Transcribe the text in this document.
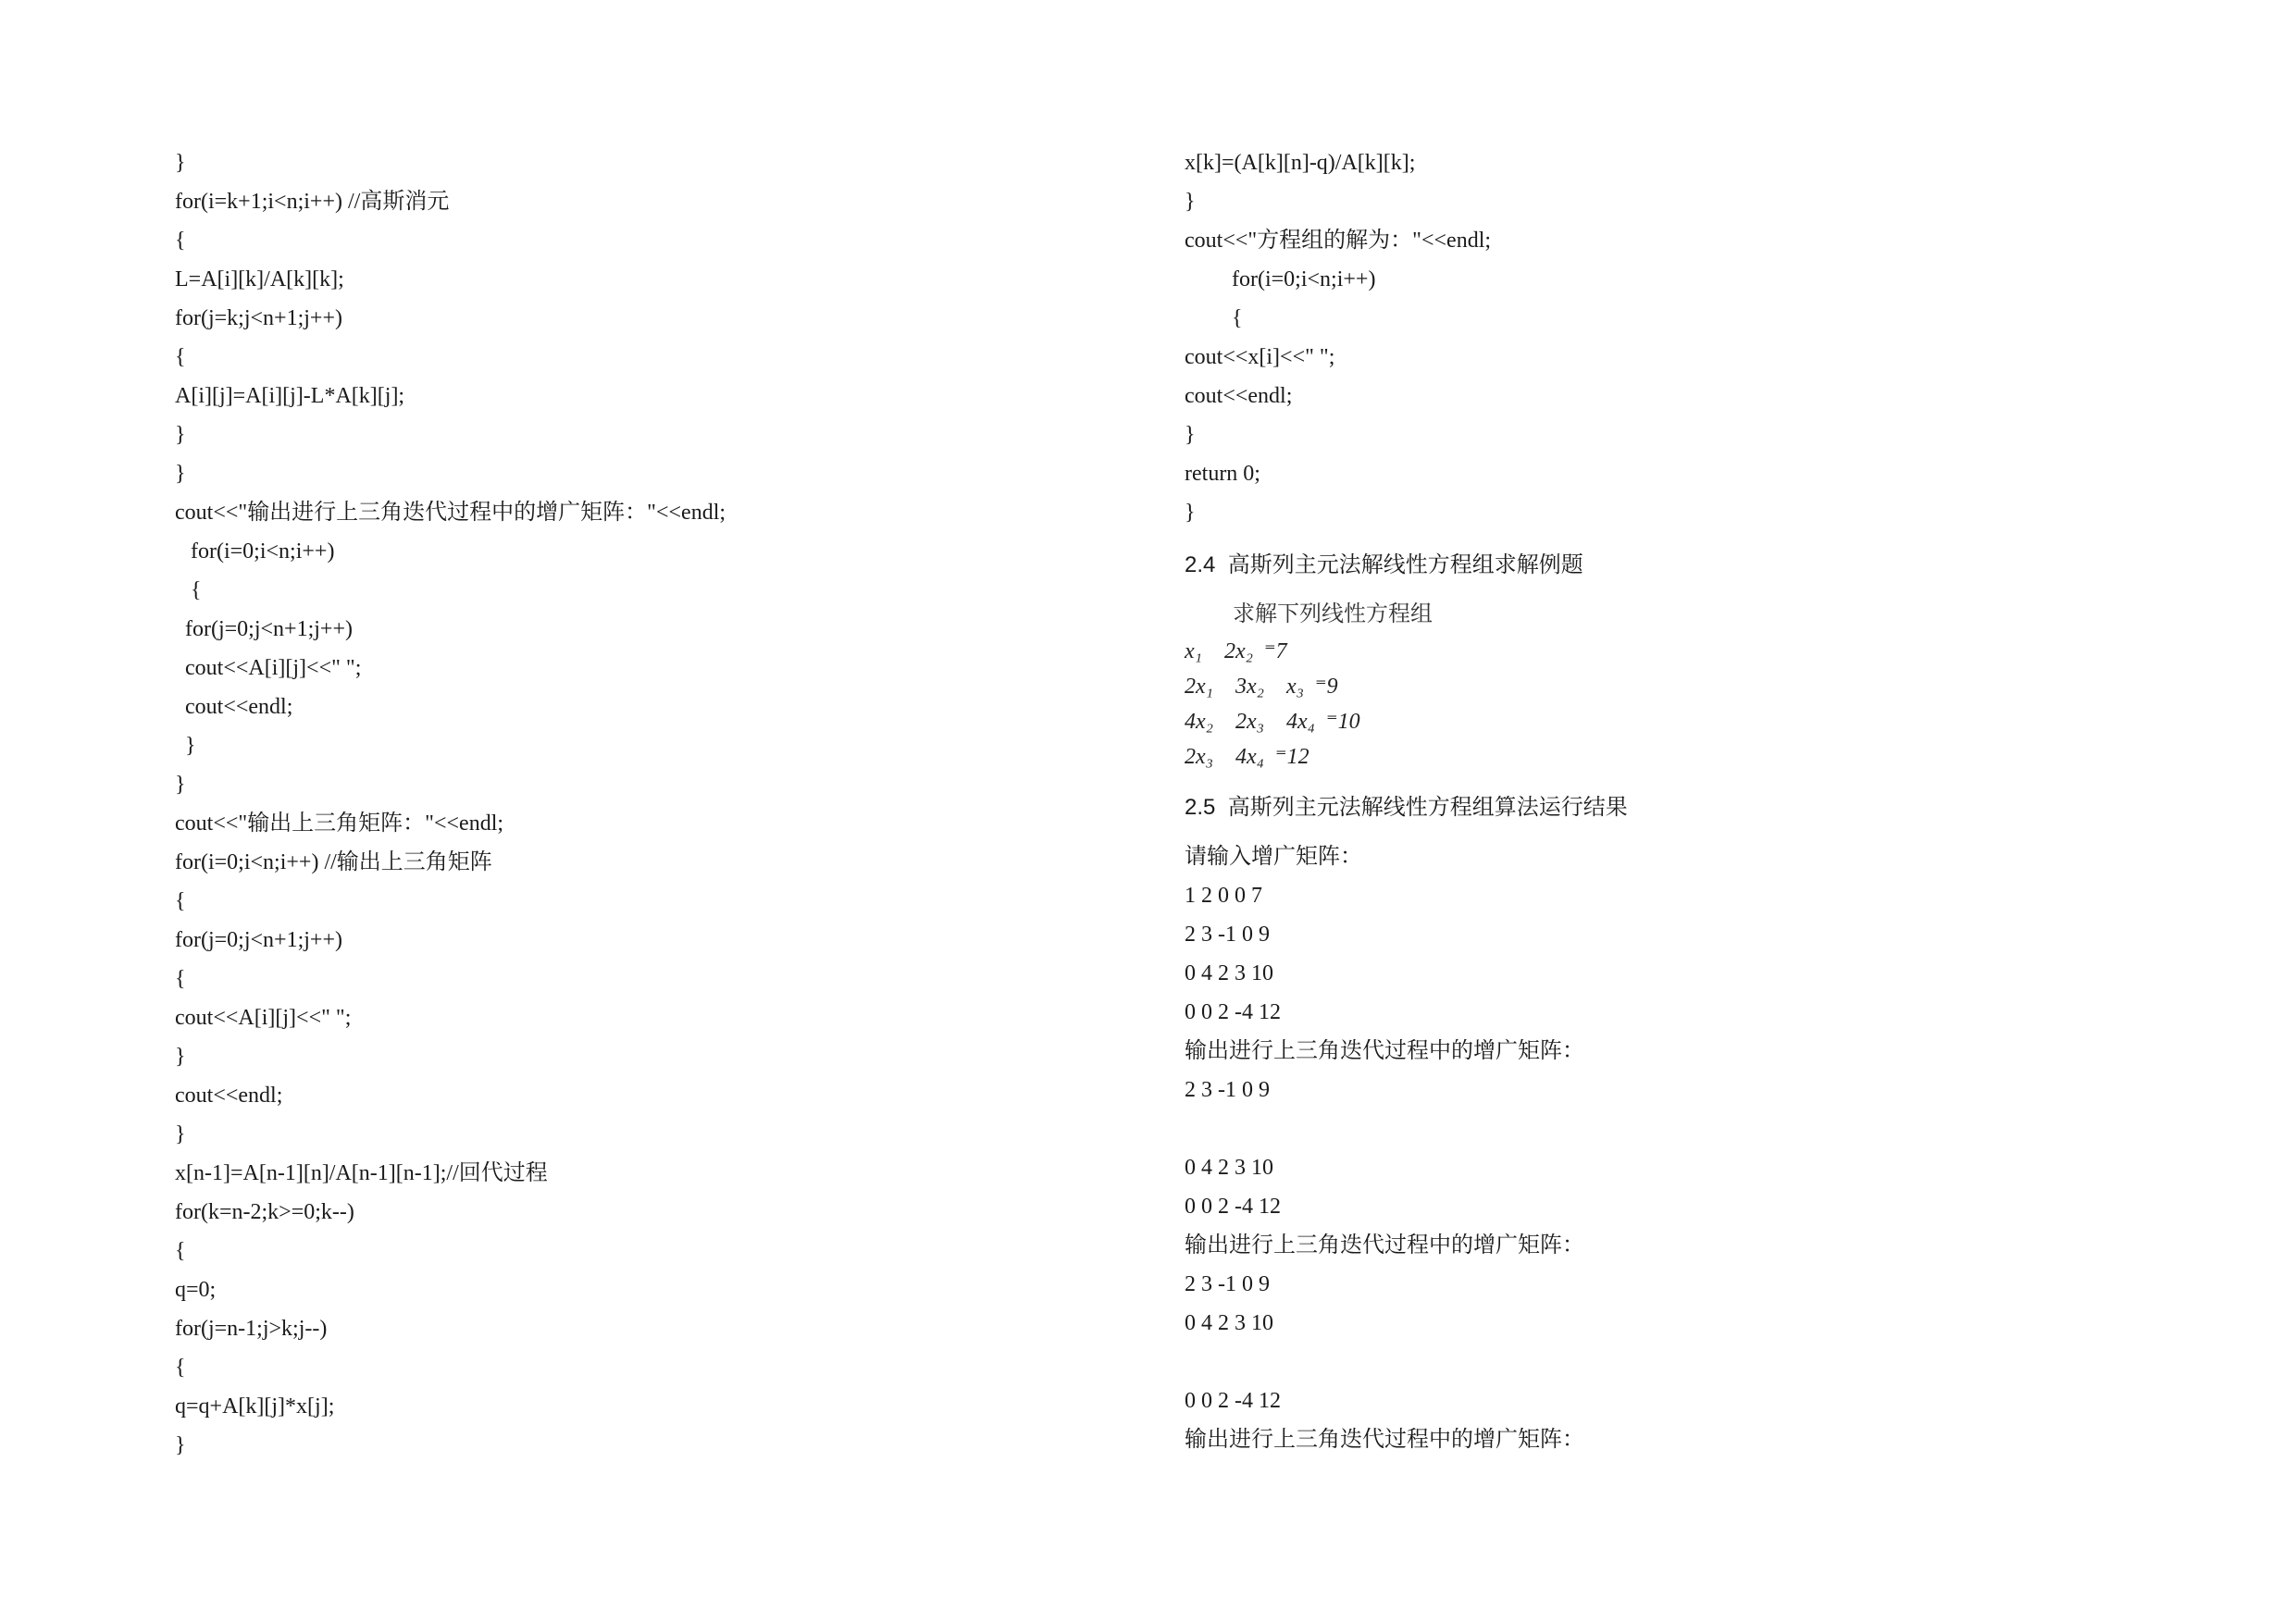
}
for(i=k+1;i<n;i++) //高斯消元
{
L=A[i][k]/A[k][k];
for(j=k;j<n+1;j++)
{
A[i][j]=A[i][j]-L*A[k][j];
}
}
cout<<"输出进行上三角迭代过程中的增广矩阵："<<endl;
for(i=0;i<n;i++)
{
for(j=0;j<n+1;j++)
cout<<A[i][j]<<" ";
cout<<endl;
}
}
cout<<"输出上三角矩阵："<<endl;
for(i=0;i<n;i++) //输出上三角矩阵
{
for(j=0;j<n+1;j++)
{
cout<<A[i][j]<<" ";
}
cout<<endl;
}
x[n-1]=A[n-1][n]/A[n-1][n-1];//回代过程
for(k=n-2;k>=0;k--)
{
q=0;
for(j=n-1;j>k;j--)
{
q=q+A[k][j]*x[j];
}
x[k]=(A[k][n]-q)/A[k][k];
}
cout<<"方程组的解为："<<endl;
for(i=0;i<n;i++)
{
cout<<x[i]<<" ";
cout<<endl;
}
return 0;
}
2.4  高斯列主元法解线性方程组求解例题
求解下列线性方程组
x₁    2x₂  ⁼7
2x₁    3x₂    x₃  ⁼9
4x₂    2x₃    4x₄  ⁼10
2x₃    4x₄  ⁼12
2.5  高斯列主元法解线性方程组算法运行结果
请输入增广矩阵：
1 2 0 0 7
2 3 -1 0 9
0 4 2 3 10
0 0 2 -4 12
输出进行上三角迭代过程中的增广矩阵：
2 3 -1 0 9
0 4 2 3 10
0 0 2 -4 12
输出进行上三角迭代过程中的增广矩阵：
2 3 -1 0 9
0 4 2 3 10
0 0 2 -4 12
输出进行上三角迭代过程中的增广矩阵：
